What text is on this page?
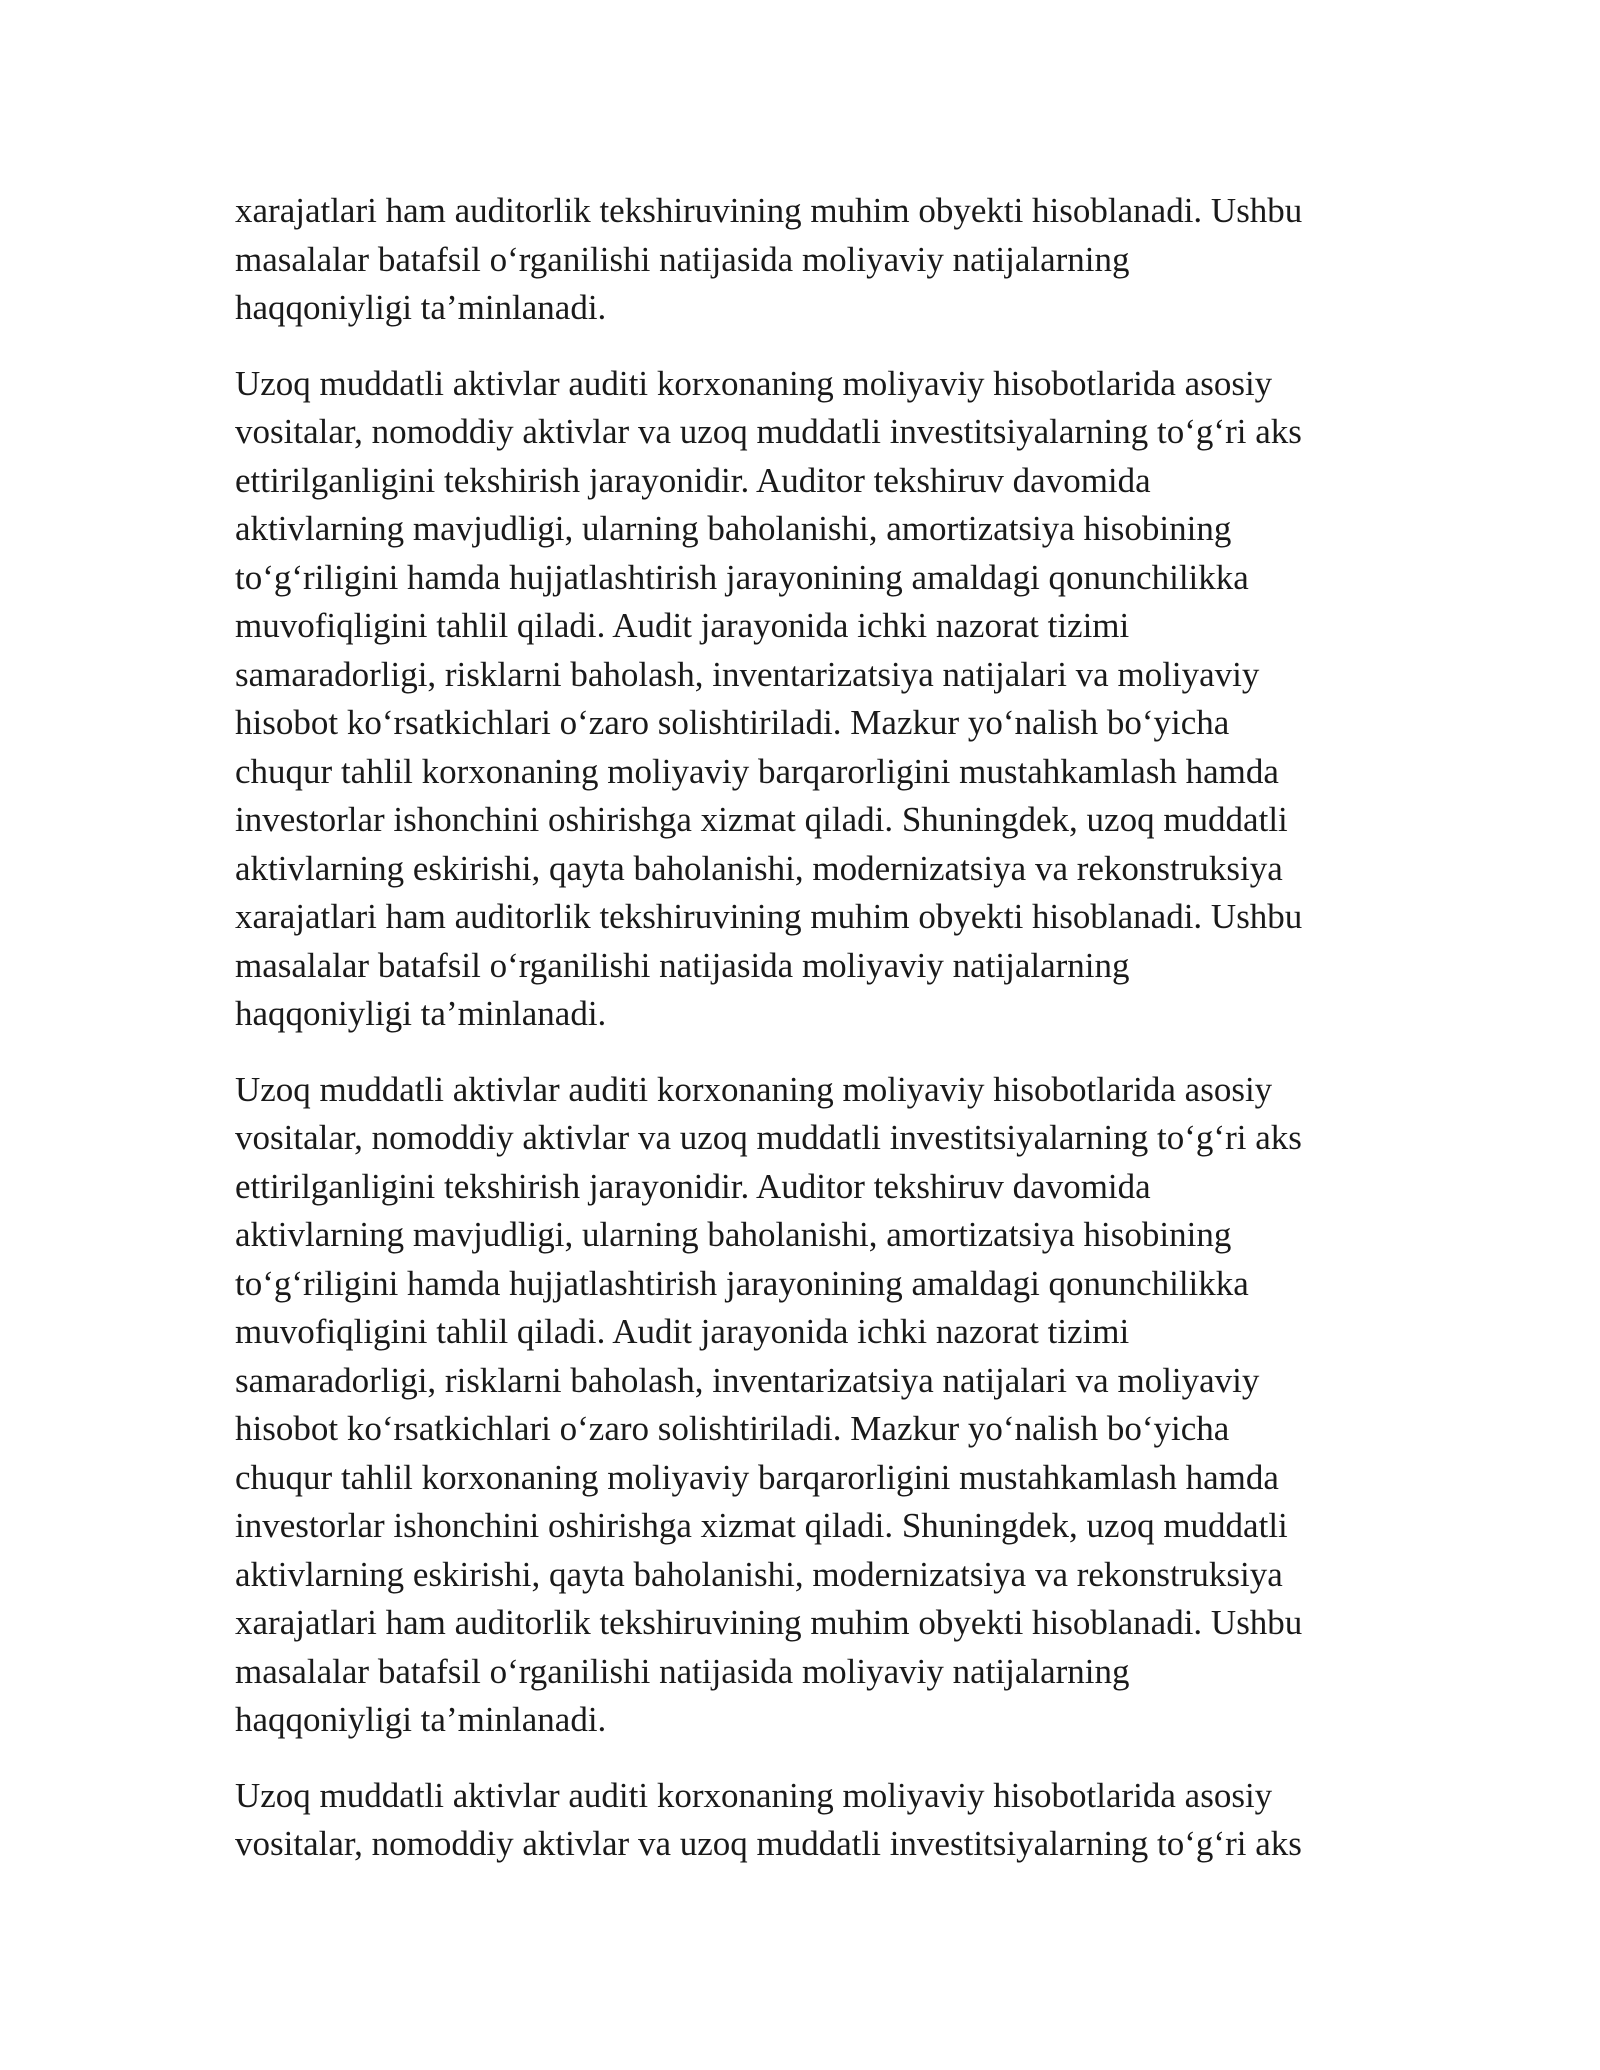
xarajatlari ham auditorlik tekshiruvining muhim obyekti hisoblanadi. Ushbu
masalalar batafsil o‘rganilishi natijasida moliyaviy natijalarning
haqqoniyligi ta’minlanadi.

Uzoq muddatli aktivlar auditi korxonaning moliyaviy hisobotlarida asosiy
vositalar, nomoddiy aktivlar va uzoq muddatli investitsiyalarning to‘g‘ri aks
ettirilganligini tekshirish jarayonidir. Auditor tekshiruv davomida
aktivlarning mavjudligi, ularning baholanishi, amortizatsiya hisobining
to‘g‘riligini hamda hujjatlashtirish jarayonining amaldagi qonunchilikka
muvofiqligini tahlil qiladi. Audit jarayonida ichki nazorat tizimi
samaradorligi, risklarni baholash, inventarizatsiya natijalari va moliyaviy
hisobot ko‘rsatkichlari o‘zaro solishtiriladi. Mazkur yo‘nalish bo‘yicha
chuqur tahlil korxonaning moliyaviy barqarorligini mustahkamlash hamda
investorlar ishonchini oshirishga xizmat qiladi. Shuningdek, uzoq muddatli
aktivlarning eskirishi, qayta baholanishi, modernizatsiya va rekonstruksiya
xarajatlari ham auditorlik tekshiruvining muhim obyekti hisoblanadi. Ushbu
masalalar batafsil o‘rganilishi natijasida moliyaviy natijalarning
haqqoniyligi ta’minlanadi.

Uzoq muddatli aktivlar auditi korxonaning moliyaviy hisobotlarida asosiy
vositalar, nomoddiy aktivlar va uzoq muddatli investitsiyalarning to‘g‘ri aks
ettirilganligini tekshirish jarayonidir. Auditor tekshiruv davomida
aktivlarning mavjudligi, ularning baholanishi, amortizatsiya hisobining
to‘g‘riligini hamda hujjatlashtirish jarayonining amaldagi qonunchilikka
muvofiqligini tahlil qiladi. Audit jarayonida ichki nazorat tizimi
samaradorligi, risklarni baholash, inventarizatsiya natijalari va moliyaviy
hisobot ko‘rsatkichlari o‘zaro solishtiriladi. Mazkur yo‘nalish bo‘yicha
chuqur tahlil korxonaning moliyaviy barqarorligini mustahkamlash hamda
investorlar ishonchini oshirishga xizmat qiladi. Shuningdek, uzoq muddatli
aktivlarning eskirishi, qayta baholanishi, modernizatsiya va rekonstruksiya
xarajatlari ham auditorlik tekshiruvining muhim obyekti hisoblanadi. Ushbu
masalalar batafsil o‘rganilishi natijasida moliyaviy natijalarning
haqqoniyligi ta’minlanadi.

Uzoq muddatli aktivlar auditi korxonaning moliyaviy hisobotlarida asosiy
vositalar, nomoddiy aktivlar va uzoq muddatli investitsiyalarning to‘g‘ri aks
